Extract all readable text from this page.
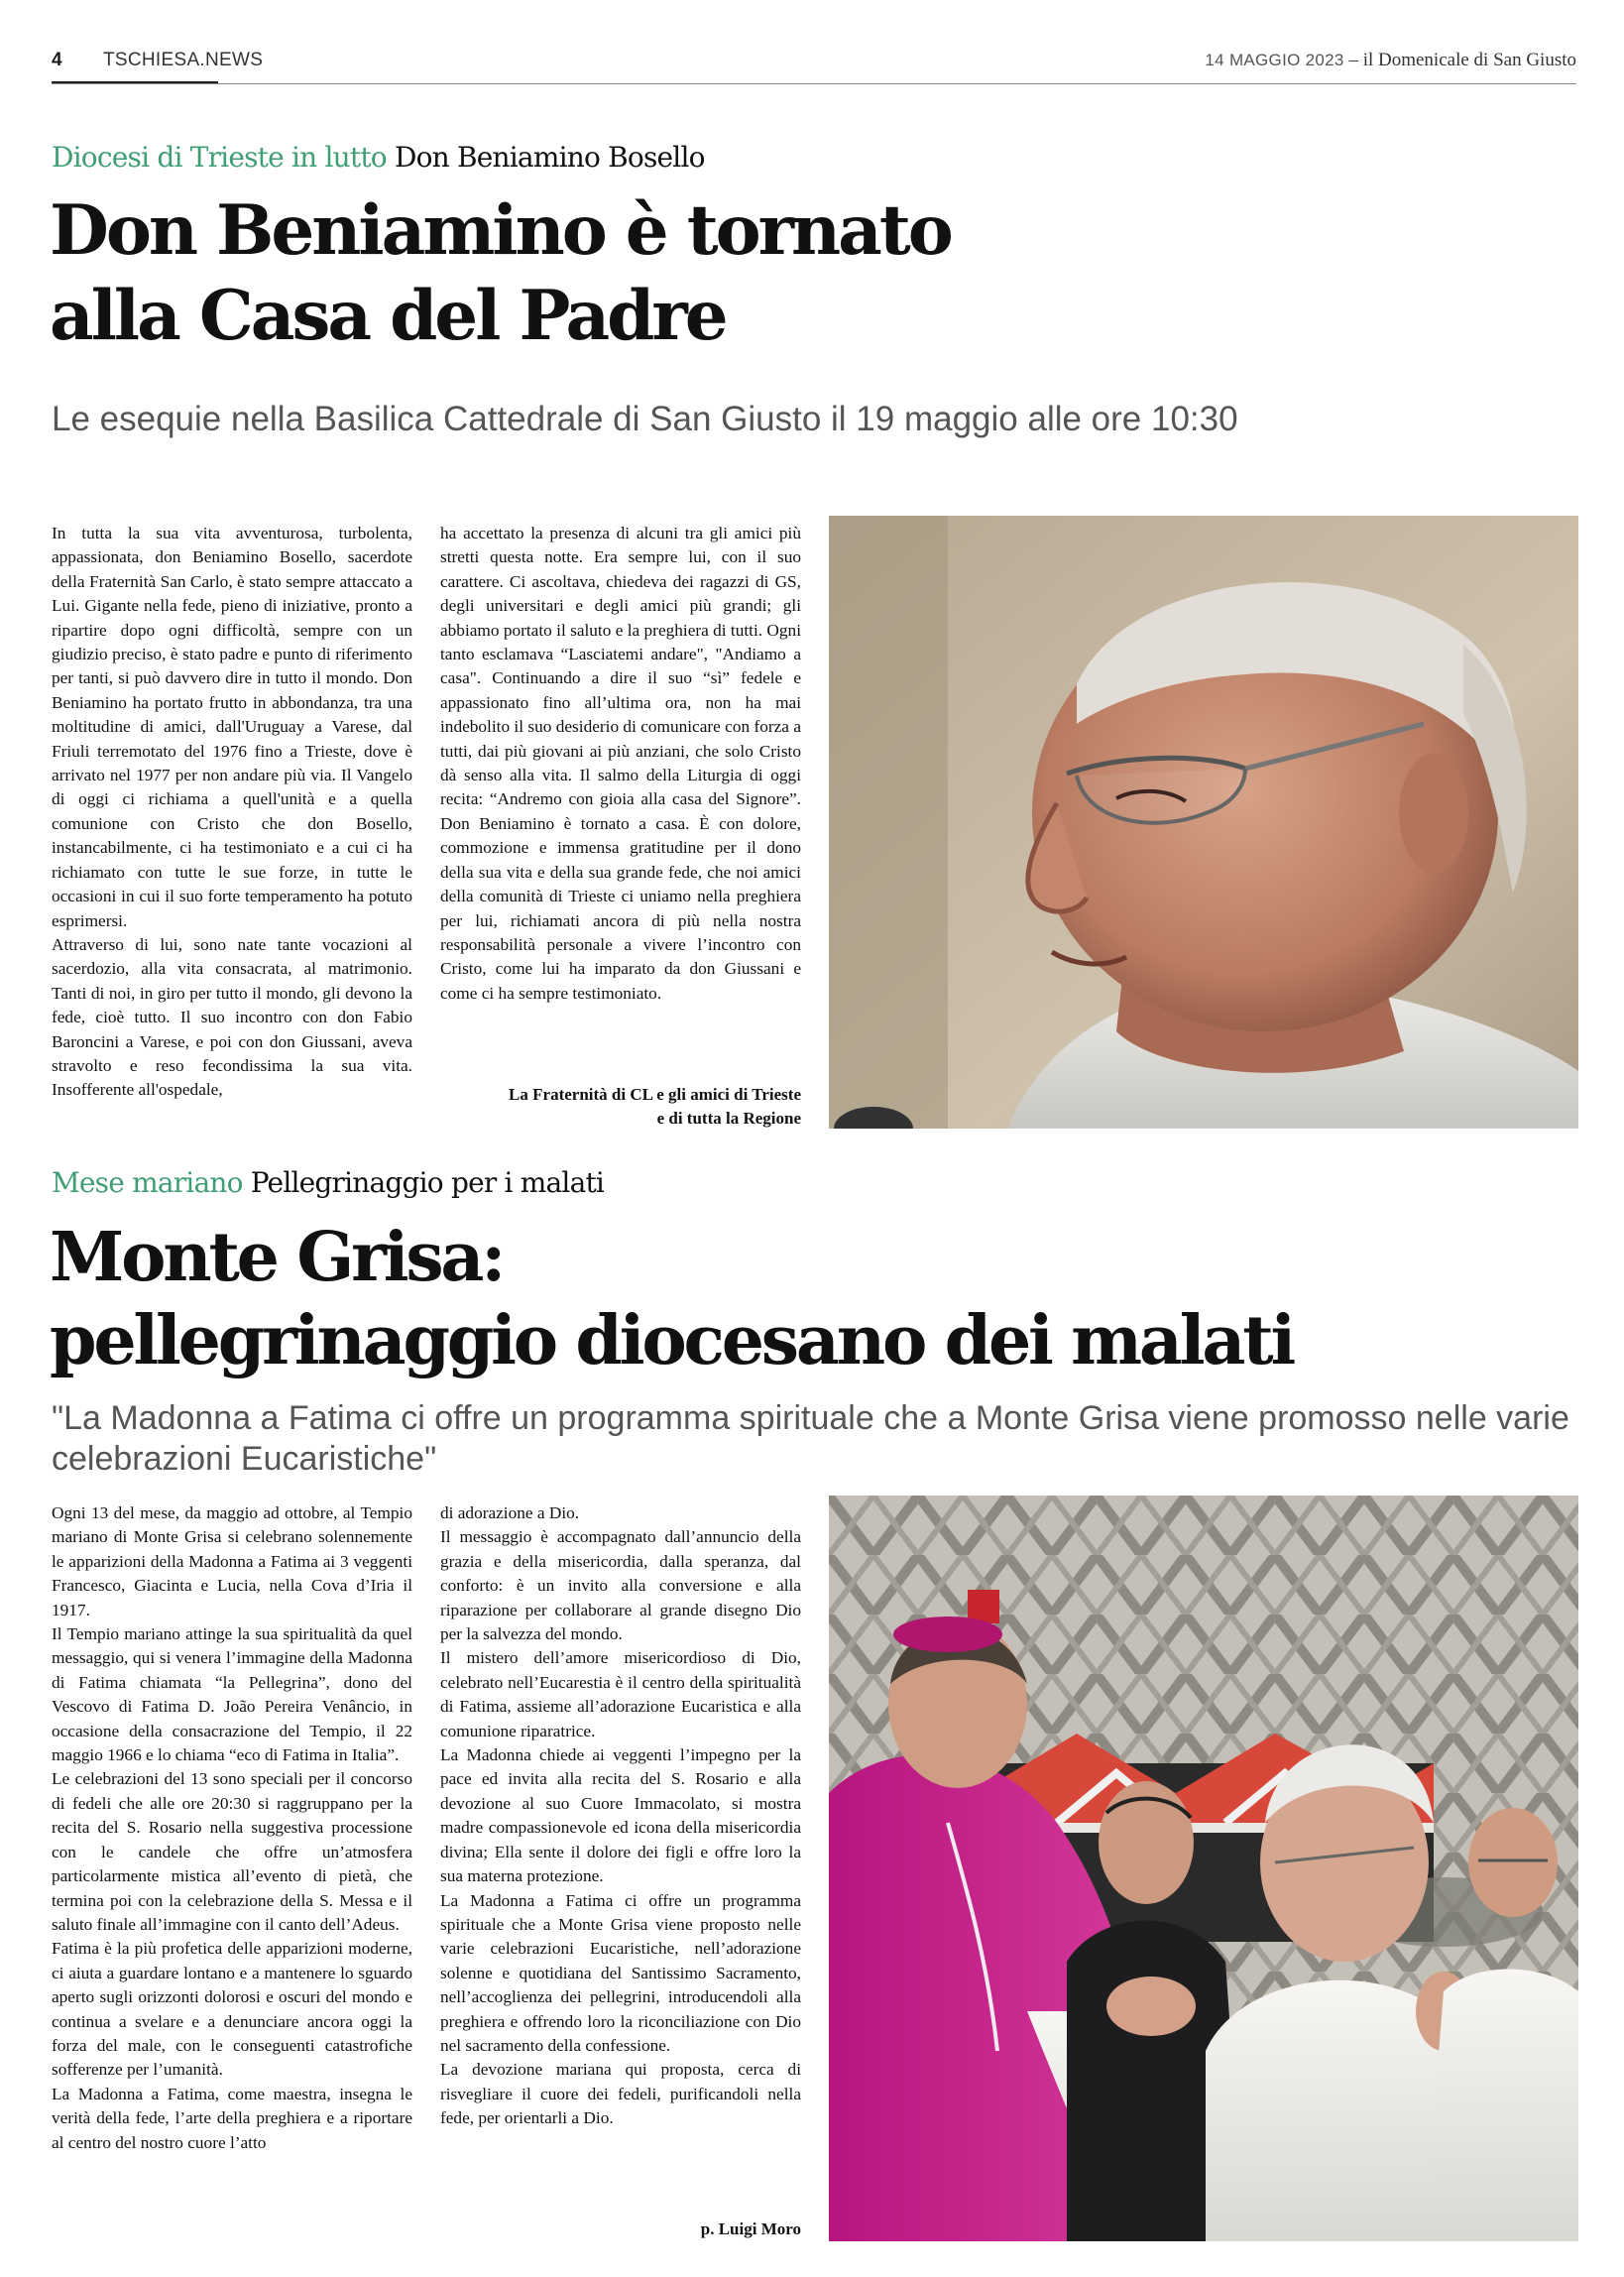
4 TSCHIESA.NEWS	14 MAGGIO 2023 – il Domenicale di San Giusto
Diocesi di Trieste in lutto Don Beniamino Bosello
Don Beniamino è tornato
alla Casa del Padre
Le esequie nella Basilica Cattedrale di San Giusto il 19 maggio alle ore 10:30

In tutta la sua vita avventurosa, turbolenta, appassionata, don Beniamino Bosello, sacerdote della Fraternità San Carlo, è stato sempre attaccato a Lui. Gigante nella fede, pieno di iniziative, pronto a ripartire dopo ogni difficoltà, sempre con un giudizio preciso, è stato padre e punto di riferimento per tanti, si può davvero dire in tutto il mondo. Don Beniamino ha portato frutto in abbondanza, tra una moltitudine di amici, dall'Uruguay a Varese, dal Friuli terremotato del 1976 fino a Trieste, dove è arrivato nel 1977 per non andare più via. Il Vangelo di oggi ci richiama a quell'unità e a quella comunione con Cristo che don Bosello, instancabilmente, ci ha testimoniato e a cui ci ha richiamato con tutte le sue forze, in tutte le occasioni in cui il suo forte temperamento ha potuto esprimersi.

Attraverso di lui, sono nate tante vocazioni al sacerdozio, alla vita consacrata, al matrimonio. Tanti di noi, in giro per tutto il mondo, gli devono la fede, cioè tutto. Il suo incontro con don Fabio Baroncini a Varese, e poi con don Giussani, aveva stravolto e reso fecondissima la sua vita. Insofferente all'ospedale,

ha accettato la presenza di alcuni tra gli amici più stretti questa notte. Era sempre lui, con il suo carattere. Ci ascoltava, chiedeva dei ragazzi di GS, degli universitari e degli amici più grandi; gli abbiamo portato il saluto e la preghiera di tutti. Ogni tanto esclamava “Lasciatemi andare", "Andiamo a casa". Continuando a dire il suo “sì” fedele e appassionato fino all’ultima ora, non ha mai indebolito il suo desiderio di comunicare con forza a tutti, dai più giovani ai più anziani, che solo Cristo dà senso alla vita. Il salmo della Liturgia di oggi recita: “Andremo con gioia alla casa del Signore”. Don Beniamino è tornato a casa. È con dolore, commozione e immensa gratitudine per il dono della sua vita e della sua grande fede, che noi amici della comunità di Trieste ci uniamo nella preghiera per lui, richiamati ancora di più nella nostra responsabilità personale a vivere l’incontro con Cristo, come lui ha imparato da don Giussani e come ci ha sempre testimoniato.

La Fraternità di CL e gli amici di Trieste
e di tutta la Regione
Mese mariano Pellegrinaggio per i malati
Monte Grisa:
pellegrinaggio diocesano dei malati
"La Madonna a Fatima ci offre un programma spirituale che a Monte Grisa viene promosso nelle varie celebrazioni Eucaristiche"

Ogni 13 del mese, da maggio ad ottobre, al Tempio mariano di Monte Grisa si celebrano solennemente le apparizioni della Madonna a Fatima ai 3 veggenti Francesco, Giacinta e Lucia, nella Cova d’Iria il 1917.

Il Tempio mariano attinge la sua spiritualità da quel messaggio, qui si venera l’immagine della Madonna di Fatima chiamata “la Pellegrina”, dono del Vescovo di Fatima D. João Pereira Venâncio, in occasione della consacrazione del Tempio, il 22 maggio 1966 e lo chiama “eco di Fatima in Italia”.

Le celebrazioni del 13 sono speciali per il concorso di fedeli che alle ore 20:30 si raggruppano per la recita del S. Rosario nella suggestiva processione con le candele che offre un’atmosfera particolarmente mistica all’evento di pietà, che termina poi con la celebrazione della S. Messa e il saluto finale all’immagine con il canto dell’Adeus.

Fatima è la più profetica delle apparizioni moderne, ci aiuta a guardare lontano e a mantenere lo sguardo aperto sugli orizzonti dolorosi e oscuri del mondo e continua a svelare e a denunciare ancora oggi la forza del male, con le conseguenti catastrofiche sofferenze per l’umanità.

La Madonna a Fatima, come maestra, insegna le verità della fede, l’arte della preghiera e a riportare al centro del nostro cuore l’atto

di adorazione a Dio.

Il messaggio è accompagnato dall’annuncio della grazia e della misericordia, dalla speranza, dal conforto: è un invito alla conversione e alla riparazione per collaborare al grande disegno Dio per la salvezza del mondo.

Il mistero dell’amore misericordioso di Dio, celebrato nell’Eucarestia è il centro della spiritualità di Fatima, assieme all’adorazione Eucaristica e alla comunione riparatrice.

La Madonna chiede ai veggenti l’impegno per la pace ed invita alla recita del S. Rosario e alla devozione al suo Cuore Immacolato, si mostra madre compassionevole ed icona della misericordia divina; Ella sente il dolore dei figli e offre loro la sua materna protezione.

La Madonna a Fatima ci offre un programma spirituale che a Monte Grisa viene proposto nelle varie celebrazioni Eucaristiche, nell’adorazione solenne e quotidiana del Santissimo Sacramento, nell’accoglienza dei pellegrini, introducendoli alla preghiera e offrendo loro la riconciliazione con Dio nel sacramento della confessione.

La devozione mariana qui proposta, cerca di risvegliare il cuore dei fedeli, purificandoli nella fede, per orientarli a Dio.

p. Luigi Moro
